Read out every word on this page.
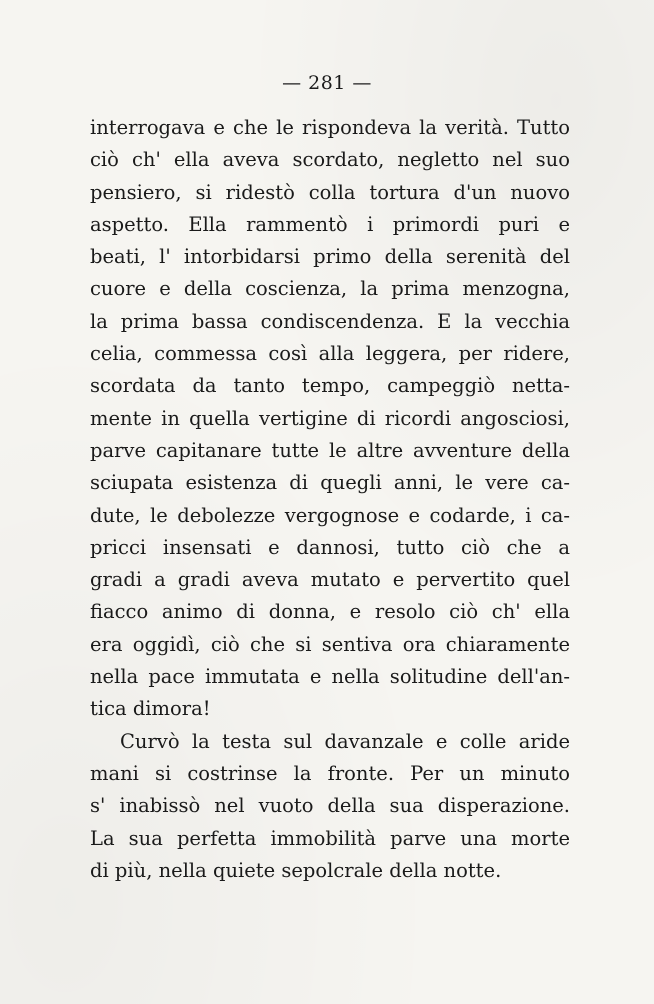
— 281 —
interrogava e che le rispondeva la verità. Tutto
ciò ch' ella aveva scordato, negletto nel suo
pensiero, si ridestò colla tortura d'un nuovo
aspetto. Ella rammentò i primordi puri e
beati, l' intorbidarsi primo della serenità del
cuore e della coscienza, la prima menzogna,
la prima bassa condiscendenza. E la vecchia
celia, commessa così alla leggera, per ridere,
scordata da tanto tempo, campeggiò netta-
mente in quella vertigine di ricordi angosciosi,
parve capitanare tutte le altre avventure della
sciupata esistenza di quegli anni, le vere ca-
dute, le debolezze vergognose e codarde, i ca-
pricci insensati e dannosi, tutto ciò che a
gradi a gradi aveva mutato e pervertito quel
fiacco animo di donna, e resolo ciò ch' ella
era oggidì, ciò che si sentiva ora chiaramente
nella pace immutata e nella solitudine dell'an-
tica dimora!
Curvò la testa sul davanzale e colle aride
mani si costrinse la fronte. Per un minuto
s' inabissò nel vuoto della sua disperazione.
La sua perfetta immobilità parve una morte
di più, nella quiete sepolcrale della notte.
